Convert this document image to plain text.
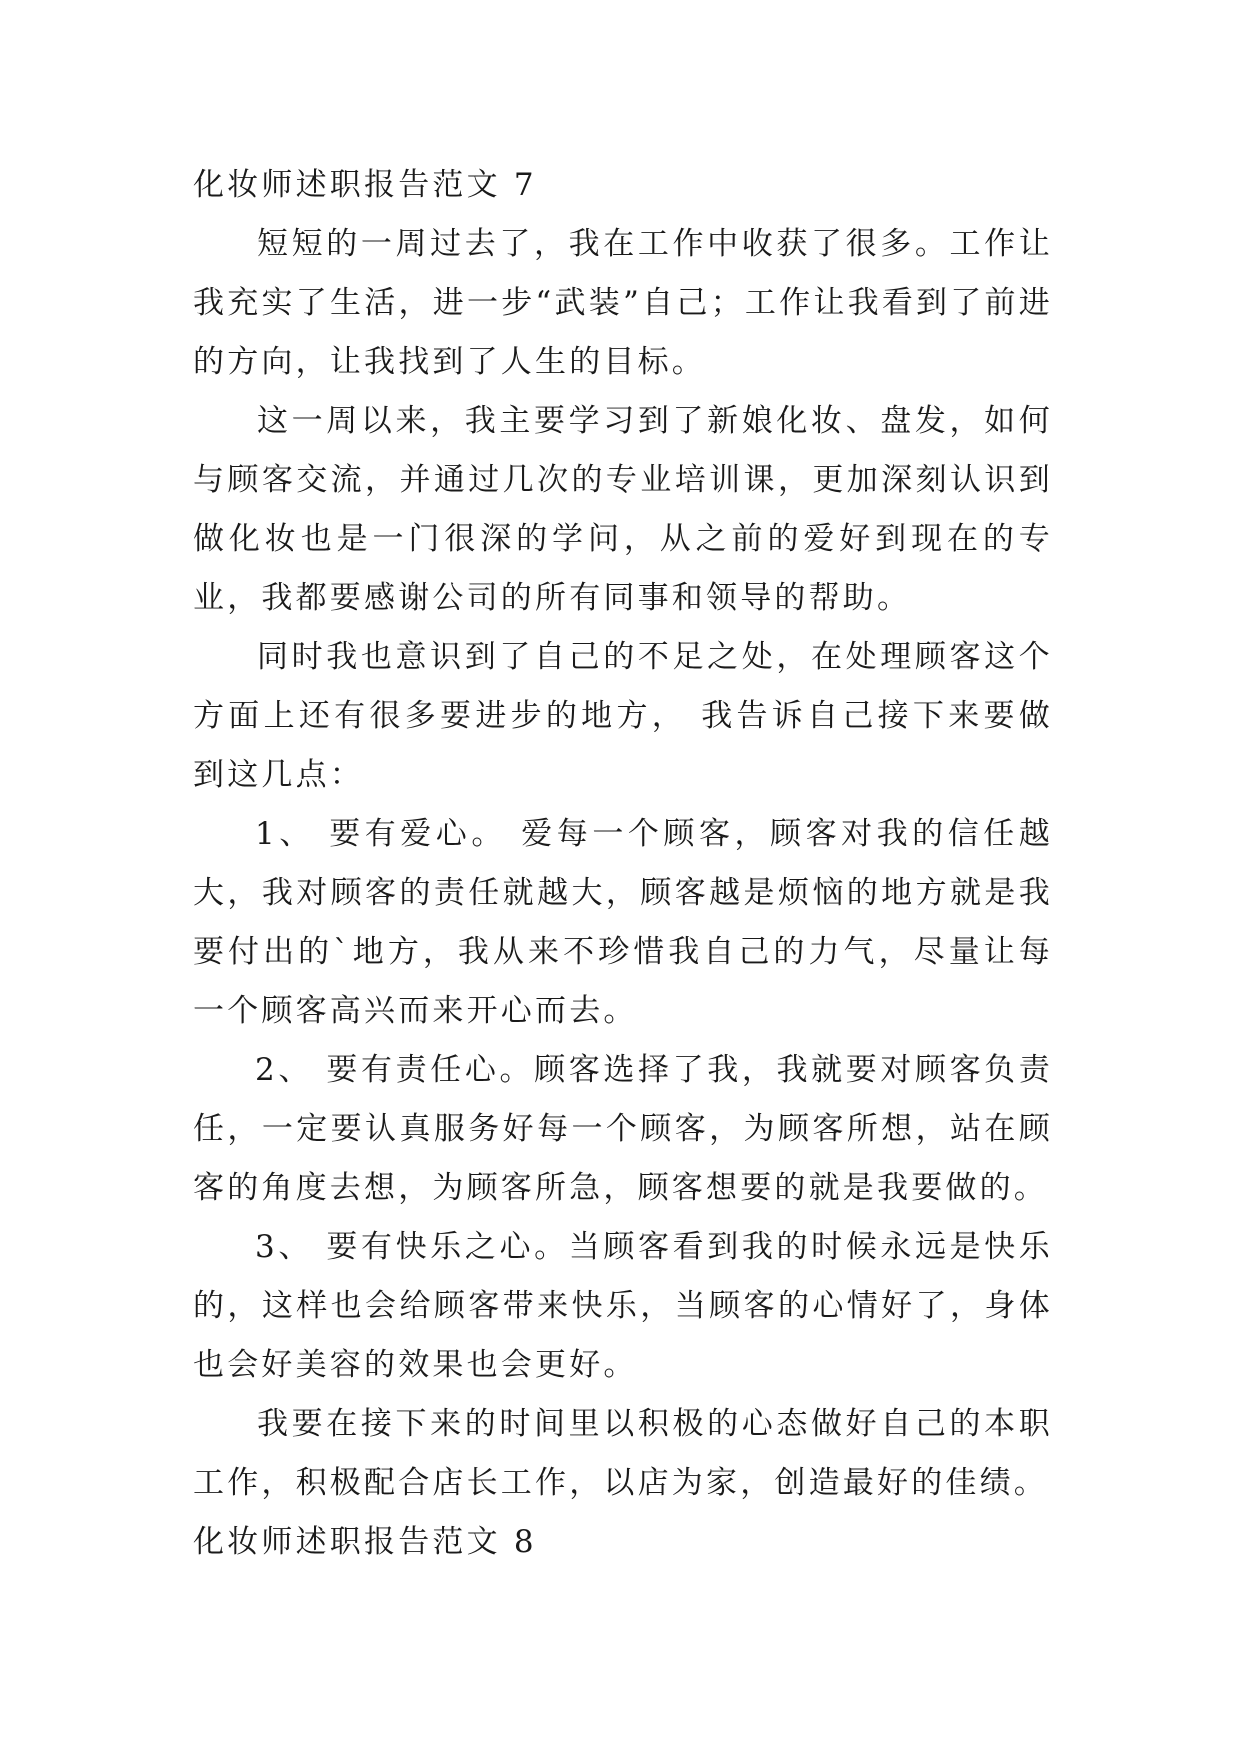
化妆师述职报告范文 7

短短的一周过去了，我在工作中收获了很多。工作让我充实了生活，进一步“武装”自己；工作让我看到了前进的方向，让我找到了人生的目标。

这一周以来，我主要学习到了新娘化妆、盘发，如何与顾客交流，并通过几次的专业培训课，更加深刻认识到做化妆也是一门很深的学问，从之前的爱好到现在的专业，我都要感谢公司的所有同事和领导的帮助。

同时我也意识到了自己的不足之处，在处理顾客这个方面上还有很多要进步的地方， 我告诉自己接下来要做到这几点：

1、 要有爱心。 爱每一个顾客，顾客对我的信任越大，我对顾客的责任就越大，顾客越是烦恼的地方就是我要付出的`地方，我从来不珍惜我自己的力气，尽量让每一个顾客高兴而来开心而去。

2、 要有责任心。顾客选择了我，我就要对顾客负责任，一定要认真服务好每一个顾客，为顾客所想，站在顾客的角度去想，为顾客所急，顾客想要的就是我要做的。

3、 要有快乐之心。当顾客看到我的时候永远是快乐的，这样也会给顾客带来快乐，当顾客的心情好了，身体也会好美容的效果也会更好。

我要在接下来的时间里以积极的心态做好自己的本职工作，积极配合店长工作，以店为家，创造最好的佳绩。

化妆师述职报告范文 8
